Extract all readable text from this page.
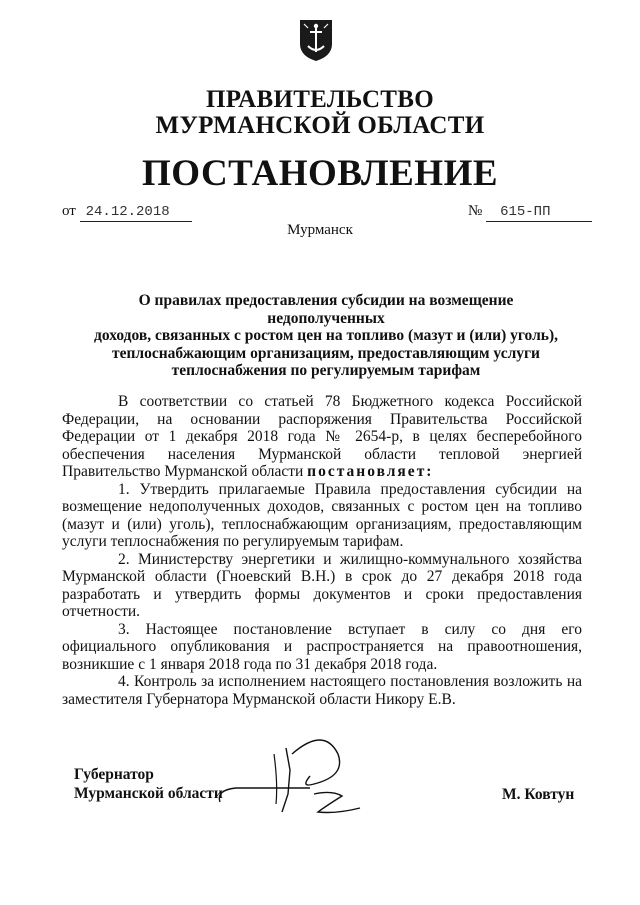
ПРАВИТЕЛЬСТВО
МУРМАНСКОЙ ОБЛАСТИ
ПОСТАНОВЛЕНИЕ
от 24.12.2018	№ 615-ПП
Мурманск
О правилах предоставления субсидии на возмещение недополученных
доходов, связанных с ростом цен на топливо (мазут и (или) уголь),
теплоснабжающим организациям, предоставляющим услуги
теплоснабжения по регулируемым тарифам

В соответствии со статьей 78 Бюджетного кодекса Российской Федерации, на основании распоряжения Правительства Российской Федерации от 1 декабря 2018 года № 2654-р, в целях бесперебойного обеспечения населения Мурманской области тепловой энергией Правительство Мурманской области постановляет:

1. Утвердить прилагаемые Правила предоставления субсидии на возмещение недополученных доходов, связанных с ростом цен на топливо (мазут и (или) уголь), теплоснабжающим организациям, предоставляющим услуги теплоснабжения по регулируемым тарифам.

2. Министерству энергетики и жилищно-коммунального хозяйства Мурманской области (Гноевский В.Н.) в срок до 27 декабря 2018 года разработать и утвердить формы документов и сроки предоставления отчетности.

3. Настоящее постановление вступает в силу со дня его официального опубликования и распространяется на правоотношения, возникшие с 1 января 2018 года по 31 декабря 2018 года.

4. Контроль за исполнением настоящего постановления возложить на заместителя Губернатора Мурманской области Никору Е.В.

Губернатор
Мурманской области	М. Ковтун
